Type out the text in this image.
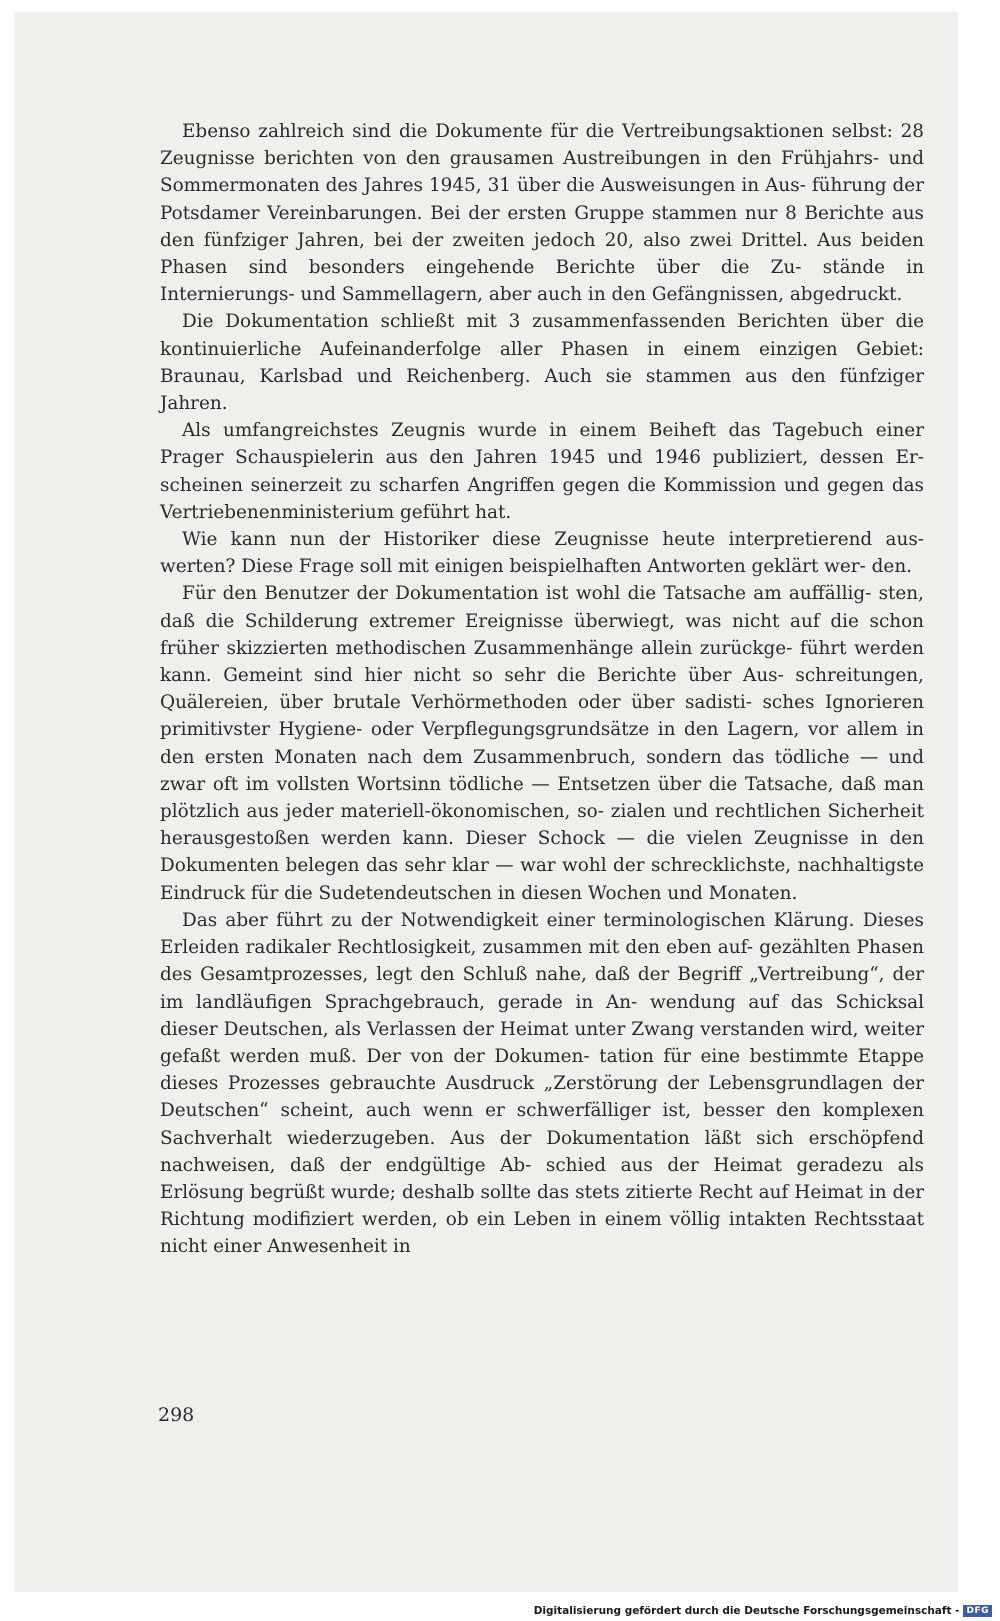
Ebenso zahlreich sind die Dokumente für die Vertreibungsaktionen selbst: 28 Zeugnisse berichten von den grausamen Austreibungen in den Frühjahrs- und Sommermonaten des Jahres 1945, 31 über die Ausweisungen in Aus- führung der Potsdamer Vereinbarungen. Bei der ersten Gruppe stammen nur 8 Berichte aus den fünfziger Jahren, bei der zweiten jedoch 20, also zwei Drittel. Aus beiden Phasen sind besonders eingehende Berichte über die Zu- stände in Internierungs- und Sammellagern, aber auch in den Gefängnissen, abgedruckt.

Die Dokumentation schließt mit 3 zusammenfassenden Berichten über die kontinuierliche Aufeinanderfolge aller Phasen in einem einzigen Gebiet: Braunau, Karlsbad und Reichenberg. Auch sie stammen aus den fünfziger Jahren.

Als umfangreichstes Zeugnis wurde in einem Beiheft das Tagebuch einer Prager Schauspielerin aus den Jahren 1945 und 1946 publiziert, dessen Er- scheinen seinerzeit zu scharfen Angriffen gegen die Kommission und gegen das Vertriebenenministerium geführt hat.

Wie kann nun der Historiker diese Zeugnisse heute interpretierend aus- werten? Diese Frage soll mit einigen beispielhaften Antworten geklärt wer- den.

Für den Benutzer der Dokumentation ist wohl die Tatsache am auffällig- sten, daß die Schilderung extremer Ereignisse überwiegt, was nicht auf die schon früher skizzierten methodischen Zusammenhänge allein zurückge- führt werden kann. Gemeint sind hier nicht so sehr die Berichte über Aus- schreitungen, Quälereien, über brutale Verhörmethoden oder über sadisti- sches Ignorieren primitivster Hygiene- oder Verpflegungsgrundsätze in den Lagern, vor allem in den ersten Monaten nach dem Zusammenbruch, sondern das tödliche — und zwar oft im vollsten Wortsinn tödliche — Entsetzen über die Tatsache, daß man plötzlich aus jeder materiell-ökonomischen, so- zialen und rechtlichen Sicherheit herausgestoßen werden kann. Dieser Schock — die vielen Zeugnisse in den Dokumenten belegen das sehr klar — war wohl der schrecklichste, nachhaltigste Eindruck für die Sudetendeutschen in diesen Wochen und Monaten.

Das aber führt zu der Notwendigkeit einer terminologischen Klärung. Dieses Erleiden radikaler Rechtlosigkeit, zusammen mit den eben auf- gezählten Phasen des Gesamtprozesses, legt den Schluß nahe, daß der Begriff „Vertreibung“, der im landläufigen Sprachgebrauch, gerade in An- wendung auf das Schicksal dieser Deutschen, als Verlassen der Heimat unter Zwang verstanden wird, weiter gefaßt werden muß. Der von der Dokumen- tation für eine bestimmte Etappe dieses Prozesses gebrauchte Ausdruck „Zerstörung der Lebensgrundlagen der Deutschen“ scheint, auch wenn er schwerfälliger ist, besser den komplexen Sachverhalt wiederzugeben. Aus der Dokumentation läßt sich erschöpfend nachweisen, daß der endgültige Ab- schied aus der Heimat geradezu als Erlösung begrüßt wurde; deshalb sollte das stets zitierte Recht auf Heimat in der Richtung modifiziert werden, ob ein Leben in einem völlig intakten Rechtsstaat nicht einer Anwesenheit in

298
Digitalisierung gefördert durch die Deutsche Forschungsgemeinschaft - DFG
